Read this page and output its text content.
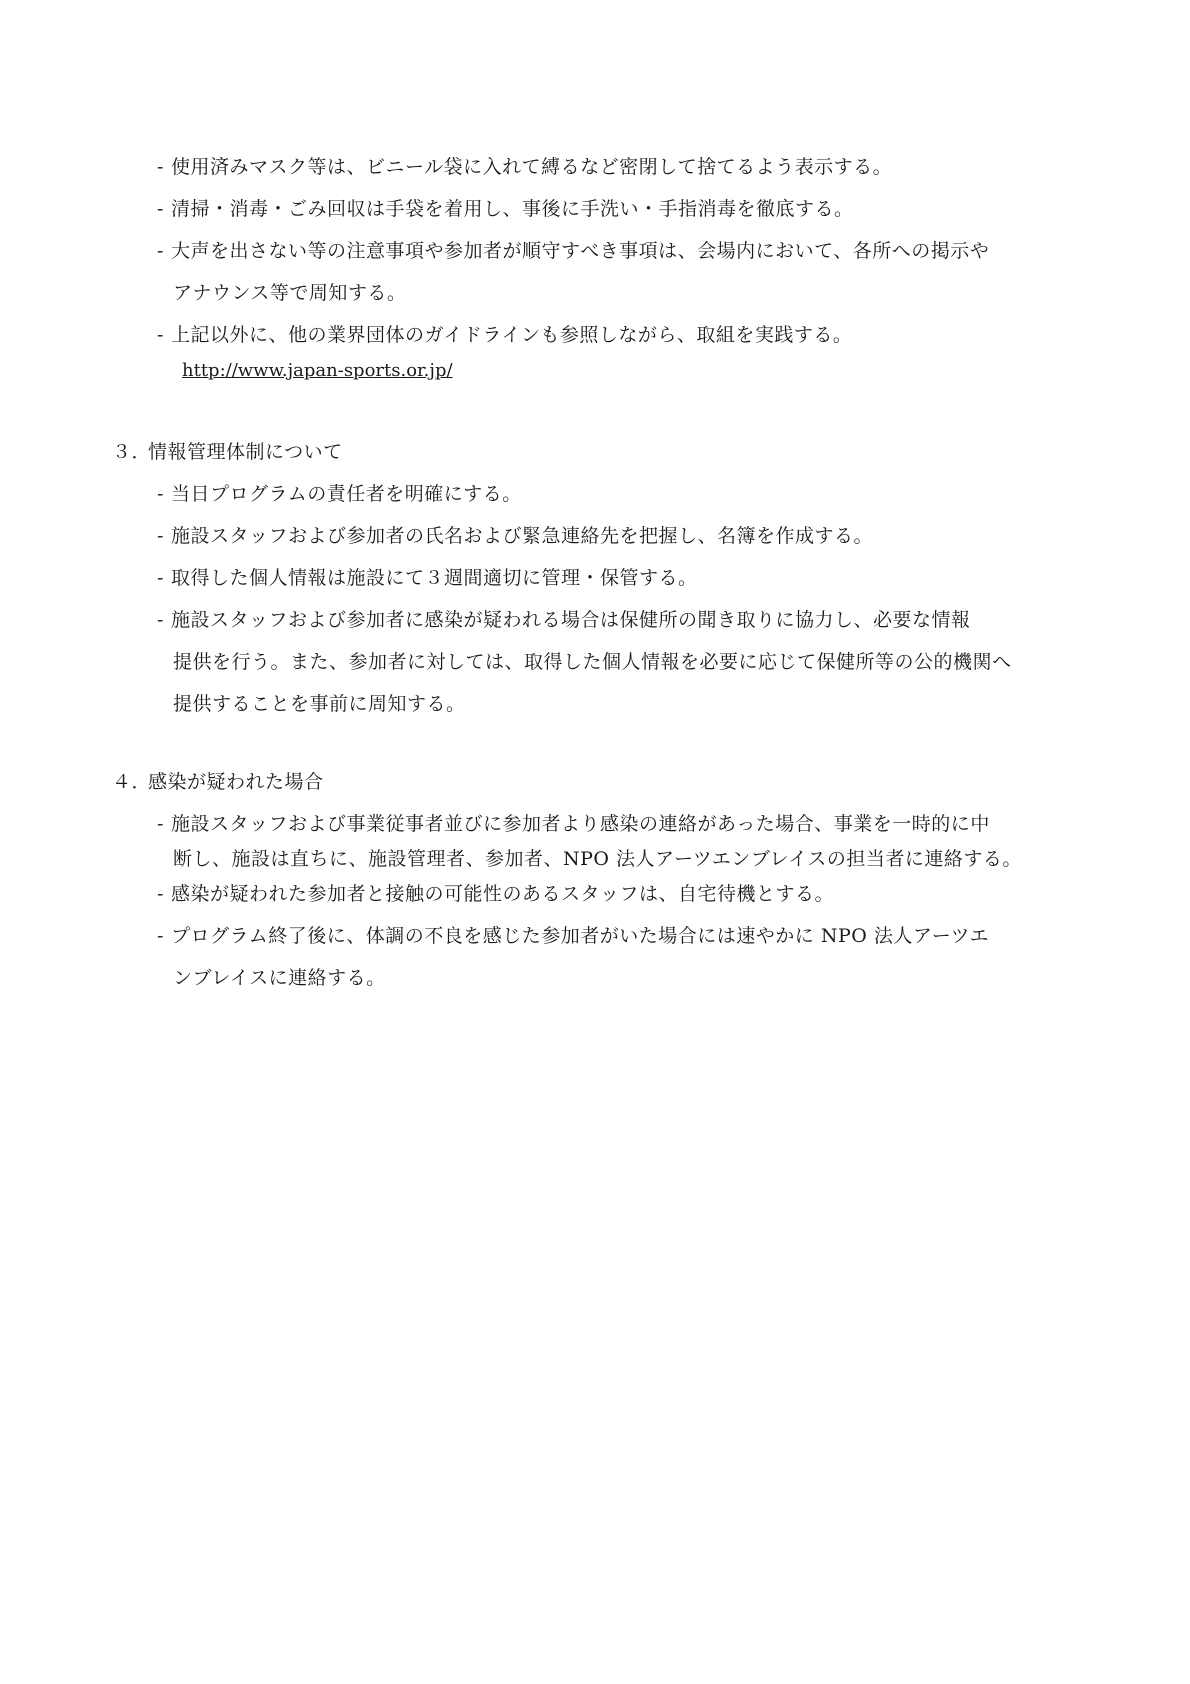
- 使用済みマスク等は、ビニール袋に入れて縛るなど密閉して捨てるよう表示する。
- 清掃・消毒・ごみ回収は手袋を着用し、事後に手洗い・手指消毒を徹底する。
- 大声を出さない等の注意事項や参加者が順守すべき事項は、会場内において、各所への掲示や
アナウンス等で周知する。
- 上記以外に、他の業界団体のガイドラインも参照しながら、取組を実践する。
http://www.japan-sports.or.jp/
３．情報管理体制について
- 当日プログラムの責任者を明確にする。
- 施設スタッフおよび参加者の氏名および緊急連絡先を把握し、名簿を作成する。
- 取得した個人情報は施設にて３週間適切に管理・保管する。
- 施設スタッフおよび参加者に感染が疑われる場合は保健所の聞き取りに協力し、必要な情報
提供を行う。また、参加者に対しては、取得した個人情報を必要に応じて保健所等の公的機関へ
提供することを事前に周知する。
４．感染が疑われた場合
- 施設スタッフおよび事業従事者並びに参加者より感染の連絡があった場合、事業を一時的に中
断し、施設は直ちに、施設管理者、参加者、NPO 法人アーツエンブレイスの担当者に連絡する。
- 感染が疑われた参加者と接触の可能性のあるスタッフは、自宅待機とする。
- プログラム終了後に、体調の不良を感じた参加者がいた場合には速やかに NPO 法人アーツエ
ンブレイスに連絡する。
